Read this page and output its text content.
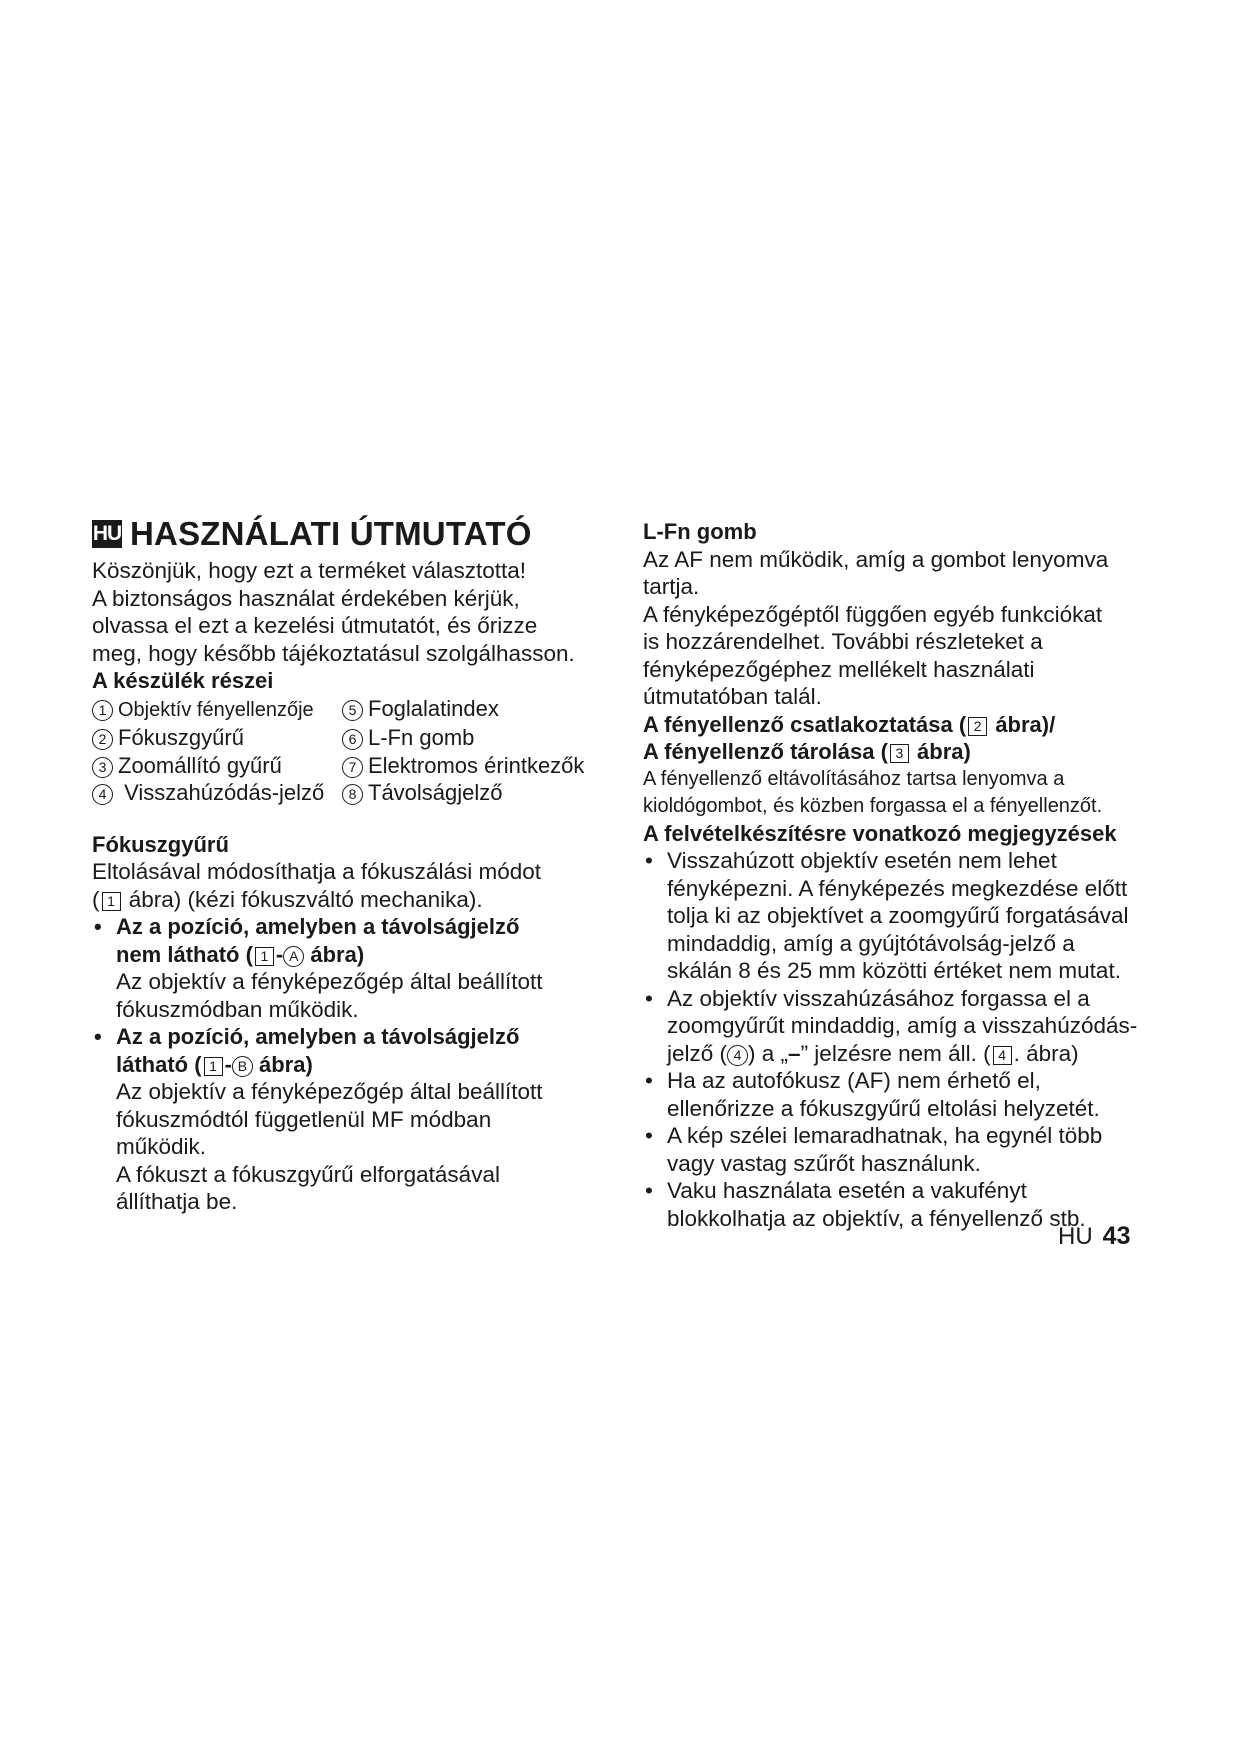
HU HASZNÁLATI ÚTMUTATÓ

Köszönjük, hogy ezt a terméket választotta!

A biztonságos használat érdekében kérjük,

olvassa el ezt a kezelési útmutatót, és őrizze

meg, hogy később tájékoztatásul szolgálhasson.

A készülék részei

1 Objektív fényellenzője	5 Foglalatindex
2 Fókuszgyűrű	6 L-Fn gomb
3 Zoomállító gyűrű	7 Elektromos érintkezők
4 Visszahúzódás-jelző	8 Távolságjelző

Fókuszgyűrű

Eltolásával módosíthatja a fókuszálási módot

( 1 ábra) (kézi fókuszváltó mechanika).

• Az a pozíció, amelyben a távolságjelző

nem látható ( 1 - A ábra)

Az objektív a fényképezőgép által beállított

fókuszmódban működik.

• Az a pozíció, amelyben a távolságjelző

látható ( 1 - B ábra)

Az objektív a fényképezőgép által beállított

fókuszmódtól függetlenül MF módban

működik.

A fókuszt a fókuszgyűrű elforgatásával

állíthatja be.

L-Fn gomb

Az AF nem működik, amíg a gombot lenyomva

tartja.

A fényképezőgéptől függően egyéb funkciókat

is hozzárendelhet. További részleteket a

fényképezőgéphez mellékelt használati

útmutatóban talál.

A fényellenző csatlakoztatása ( 2 ábra)/

A fényellenző tárolása ( 3 ábra)

A fényellenző eltávolításához tartsa lenyomva a

kioldógombot, és közben forgassa el a fényellenzőt.

A felvételkészítésre vonatkozó megjegyzések

• Visszahúzott objektív esetén nem lehet

fényképezni. A fényképezés megkezdése előtt

tolja ki az objektívet a zoomgyűrű forgatásával

mindaddig, amíg a gyújtótávolság-jelző a

skálán 8 és 25 mm közötti értéket nem mutat.

• Az objektív visszahúzásához forgassa el a

zoomgyűrűt mindaddig, amíg a visszahúzódás-

jelző ( 4 ) a „–” jelzésre nem áll. ( 4 . ábra)

• Ha az autofókusz (AF) nem érhető el,

ellenőrizze a fókuszgyűrű eltolási helyzetét.

• A kép szélei lemaradhatnak, ha egynél több

vagy vastag szűrőt használunk.

• Vaku használata esetén a vakufényt

blokkolhatja az objektív, a fényellenző stb.

HU 43
